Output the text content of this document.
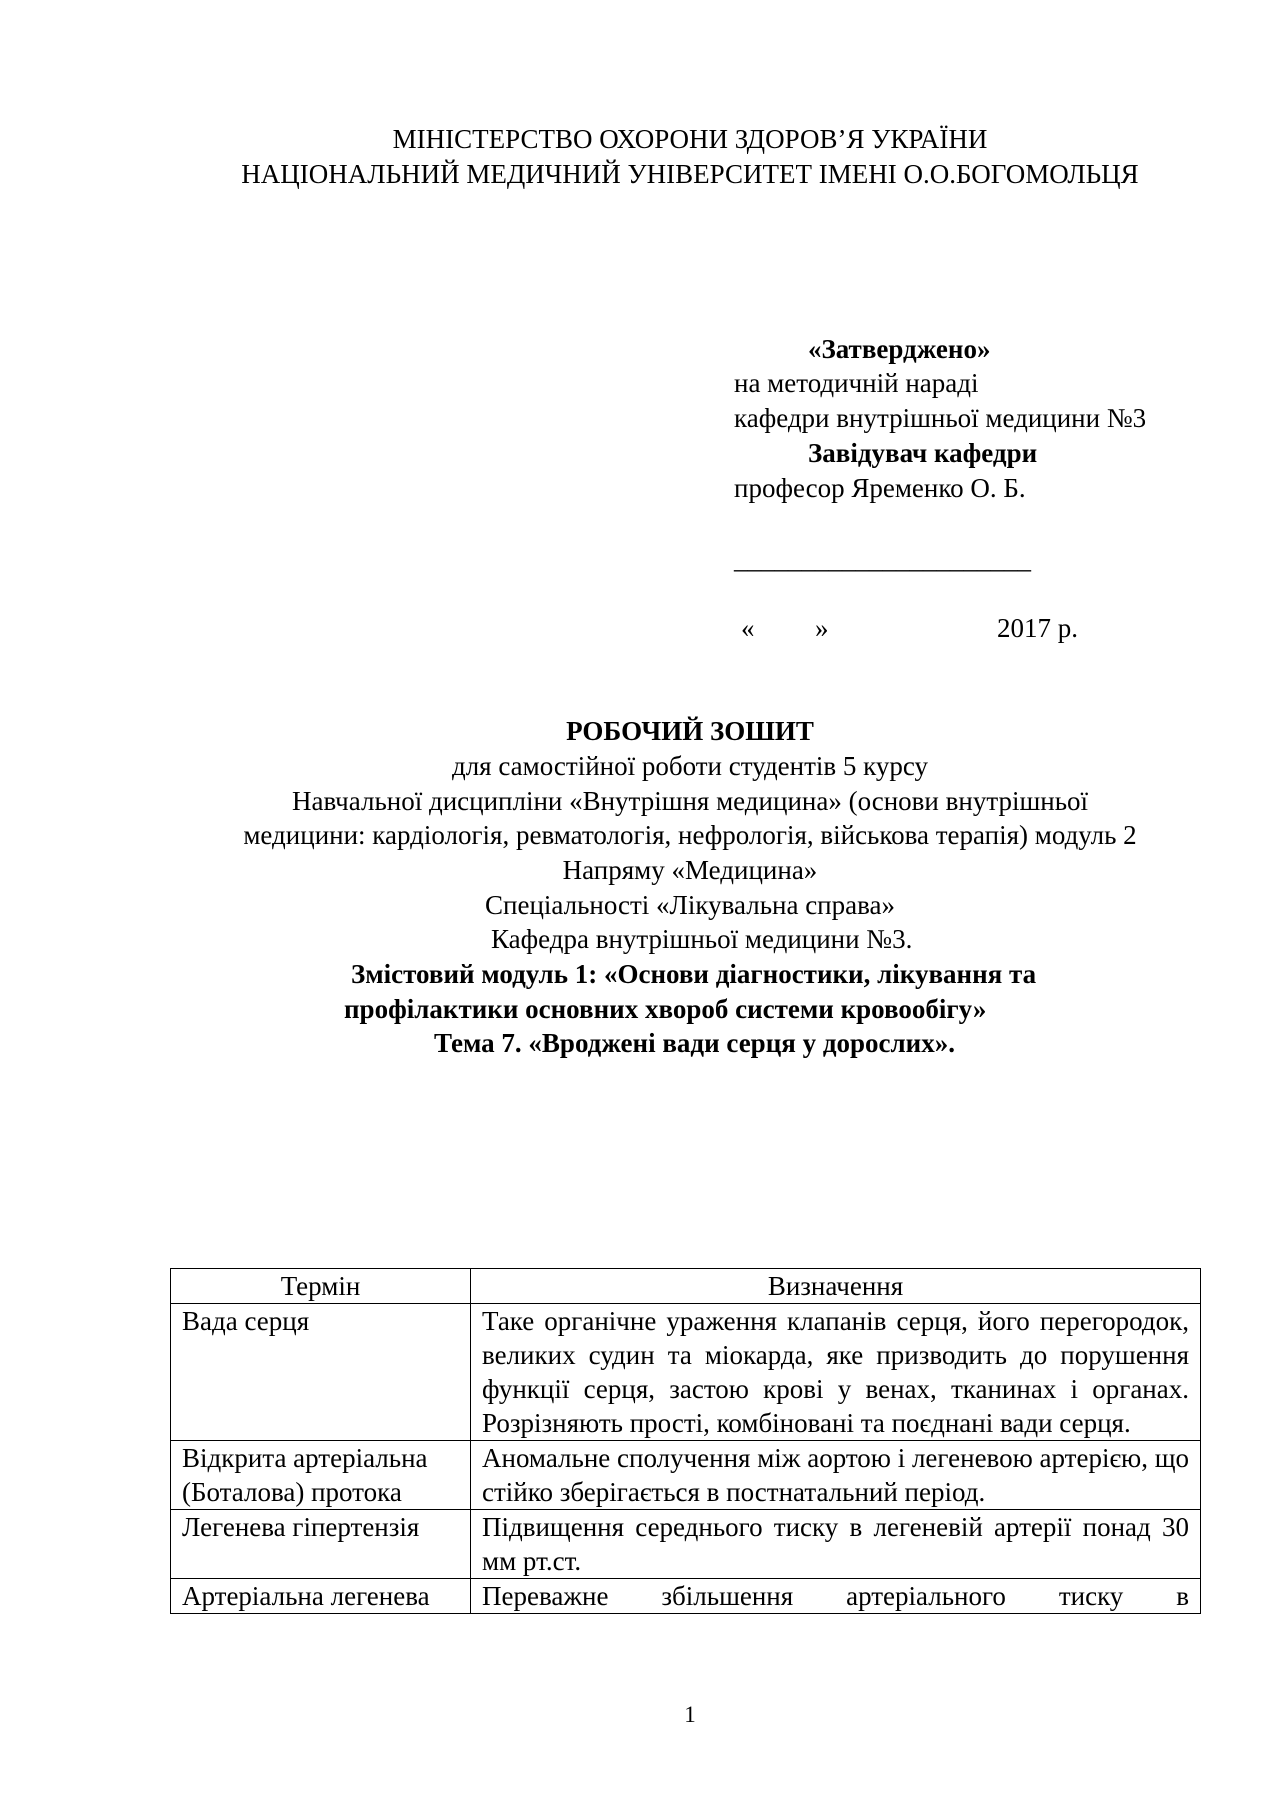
МІНІСТЕРСТВО ОХОРОНИ ЗДОРОВ’Я УКРАЇНИ
НАЦІОНАЛЬНИЙ МЕДИЧНИЙ УНІВЕРСИТЕТ ІМЕНІ О.О.БОГОМОЛЬЦЯ
«Затверджено»
на методичній нараді
кафедри внутрішньої медицини №3
Завідувач кафедри
професор Яременко О. Б.
______________________
« »	2017 р.
РОБОЧИЙ ЗОШИТ
для самостійної роботи студентів 5 курсу
Навчальної дисципліни «Внутрішня медицина» (основи внутрішньої
медицини: кардіологія, ревматологія, нефрологія, військова терапія) модуль 2
Напряму «Медицина»
Спеціальності «Лікувальна справа»
Кафедра внутрішньої медицини №3.
Змістовий модуль 1: «Основи діагностики, лікування та
профілактики основних хвороб системи кровообігу»
Тема 7. «Вроджені вади серця у дорослих».
Термін	Визначення
Вада серця	Таке органічне ураження клапанів серця, його перегородок, великих судин та міокарда, яке призводить до порушення функції серця, застою крові у венах, тканинах і органах. Розрізняють прості, комбіновані та поєднані вади серця.
Відкрита артеріальна (Боталова) протока	Аномальне сполучення між аортою і легеневою артерією, що стійко зберігається в постнатальний період.
Легенева гіпертензія	Підвищення середнього тиску в легеневій артерії понад 30 мм рт.ст.
Артеріальна легенева	Переважне збільшення артеріального тиску в
1
